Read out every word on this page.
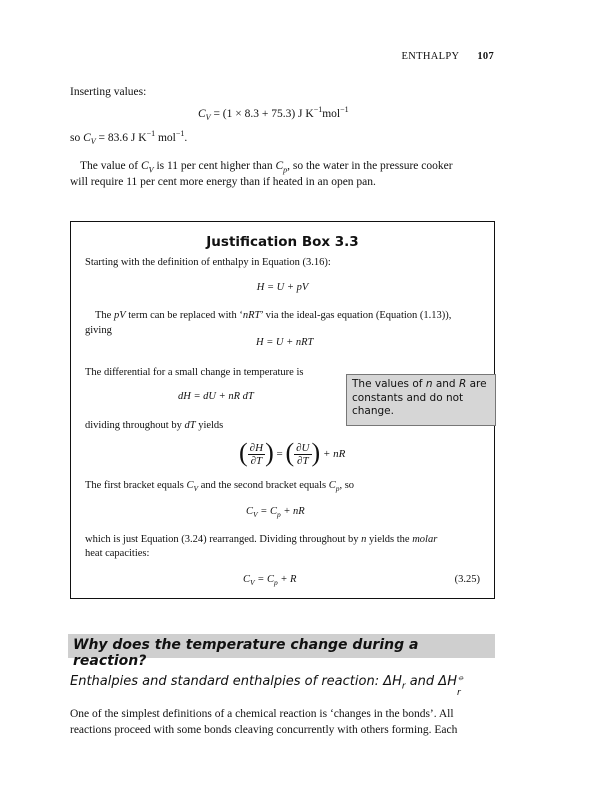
ENTHALPY 107
Inserting values:
$C_V = (1 \times 8.3 + 75.3)$ J $K^{-1}mol^{-1}$
so $C_V = 83.6$ J $K^{-1}$ mol$^{-1}$.
The value of $C_V$ is 11 per cent higher than $C_p$, so the water in the pressure cooker
will require 11 per cent more energy than if heated in an open pan.
Justification Box 3.3
Starting with the definition of enthalpy in Equation (3.16):
H = U + pV
The pV term can be replaced with ‘nRT’ via the ideal-gas equation (Equation (1.13)),
giving
H = U + nRT
The differential for a small change in temperature is
dH = dU + nR dT
dividing throughout by dT yields
( $\frac{\partial H}{\partial T}$ ) = ( $\frac{\partial U}{\partial T}$ ) + nR
The first bracket equals $C_V$ and the second bracket equals $C_p$, so
$C_V = C_p$ + nR
which is just Equation (3.24) rearranged. Dividing throughout by n yields the molar
heat capacities:
$C_V = C_p + R$	(3.25)
The values of n and R are constants and do not change.
Why does the temperature change during a reaction?
Enthalpies and standard enthalpies of reaction: $\Delta H_r$ and ΔH ⦵
r
One of the simplest definitions of a chemical reaction is ‘changes in the bonds’. All
reactions proceed with some bonds cleaving concurrently with others forming. Each
